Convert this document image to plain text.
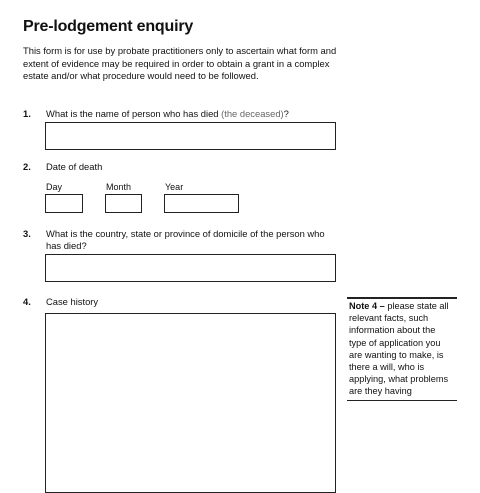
Pre-lodgement enquiry
This form is for use by probate practitioners only to ascertain what form and extent of evidence may be required in order to obtain a grant in a complex estate and/or what procedure would need to be followed.
1. What is the name of person who has died (the deceased)?
2. Date of death
Day	Month	Year
3. What is the country, state or province of domicile of the person who has died?
4. Case history	Note 4 – please state all relevant facts, such information about the type of application you are wanting to make, is there a will, who is applying, what problems are they having
